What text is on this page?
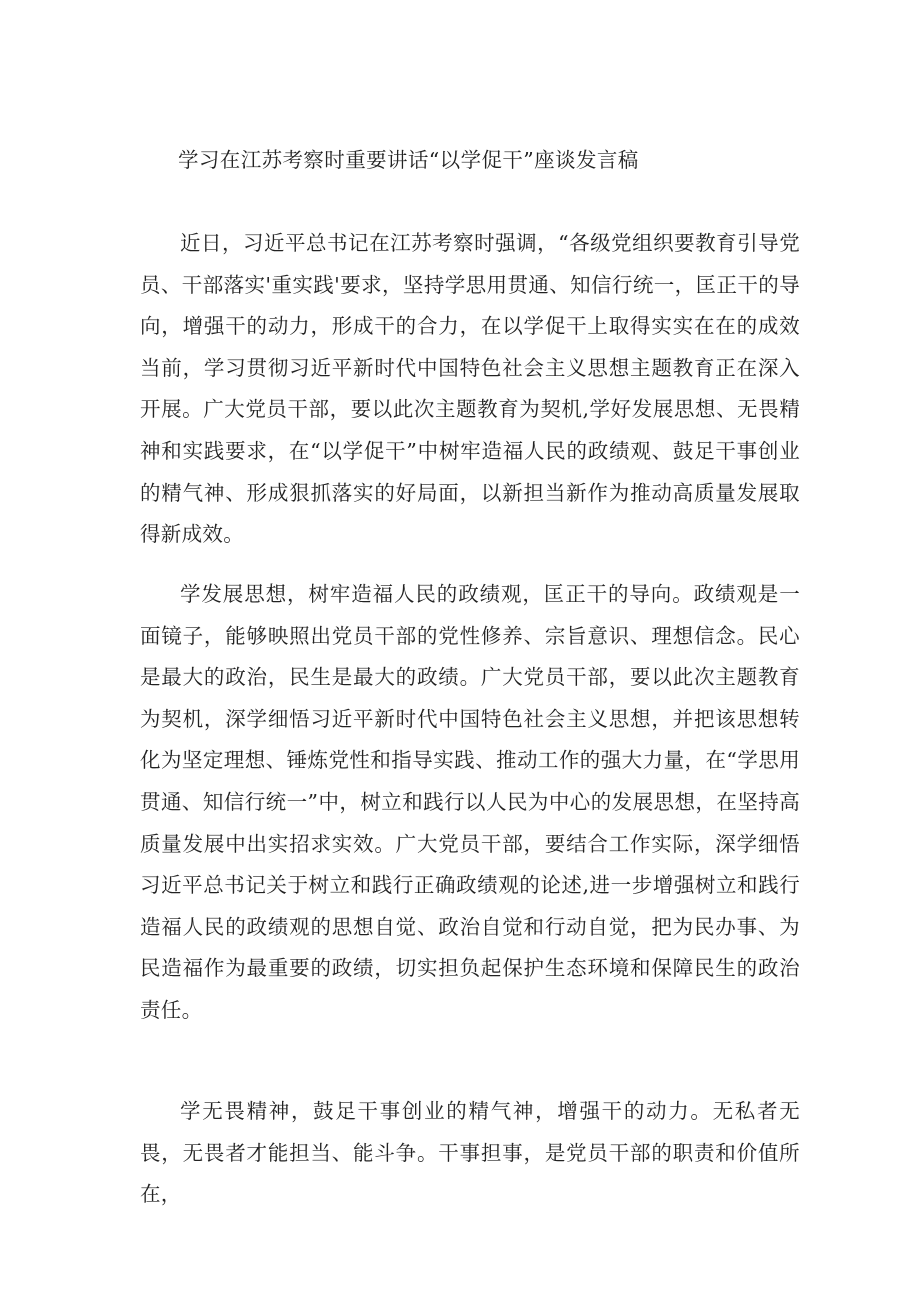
学习在江苏考察时重要讲话“以学促干”座谈发言稿

近日，习近平总书记在江苏考察时强调，“各级党组织要教育引导党员、干部落实'重实践'要求，坚持学思用贯通、知信行统一，匡正干的导向，增强干的动力，形成干的合力，在以学促干上取得实实在在的成效当前，学习贯彻习近平新时代中国特色社会主义思想主题教育正在深入开展。广大党员干部，要以此次主题教育为契机,学好发展思想、无畏精神和实践要求，在“以学促干”中树牢造福人民的政绩观、鼓足干事创业的精气神、形成狠抓落实的好局面，以新担当新作为推动高质量发展取得新成效。

学发展思想，树牢造福人民的政绩观，匡正干的导向。政绩观是一面镜子，能够映照出党员干部的党性修养、宗旨意识、理想信念。民心是最大的政治，民生是最大的政绩。广大党员干部，要以此次主题教育为契机，深学细悟习近平新时代中国特色社会主义思想，并把该思想转化为坚定理想、锤炼党性和指导实践、推动工作的强大力量，在“学思用贯通、知信行统一”中，树立和践行以人民为中心的发展思想，在坚持高质量发展中出实招求实效。广大党员干部，要结合工作实际，深学细悟习近平总书记关于树立和践行正确政绩观的论述,进一步增强树立和践行造福人民的政绩观的思想自觉、政治自觉和行动自觉，把为民办事、为民造福作为最重要的政绩，切实担负起保护生态环境和保障民生的政治责任。

学无畏精神，鼓足干事创业的精气神，增强干的动力。无私者无畏，无畏者才能担当、能斗争。干事担事，是党员干部的职责和价值所在，
